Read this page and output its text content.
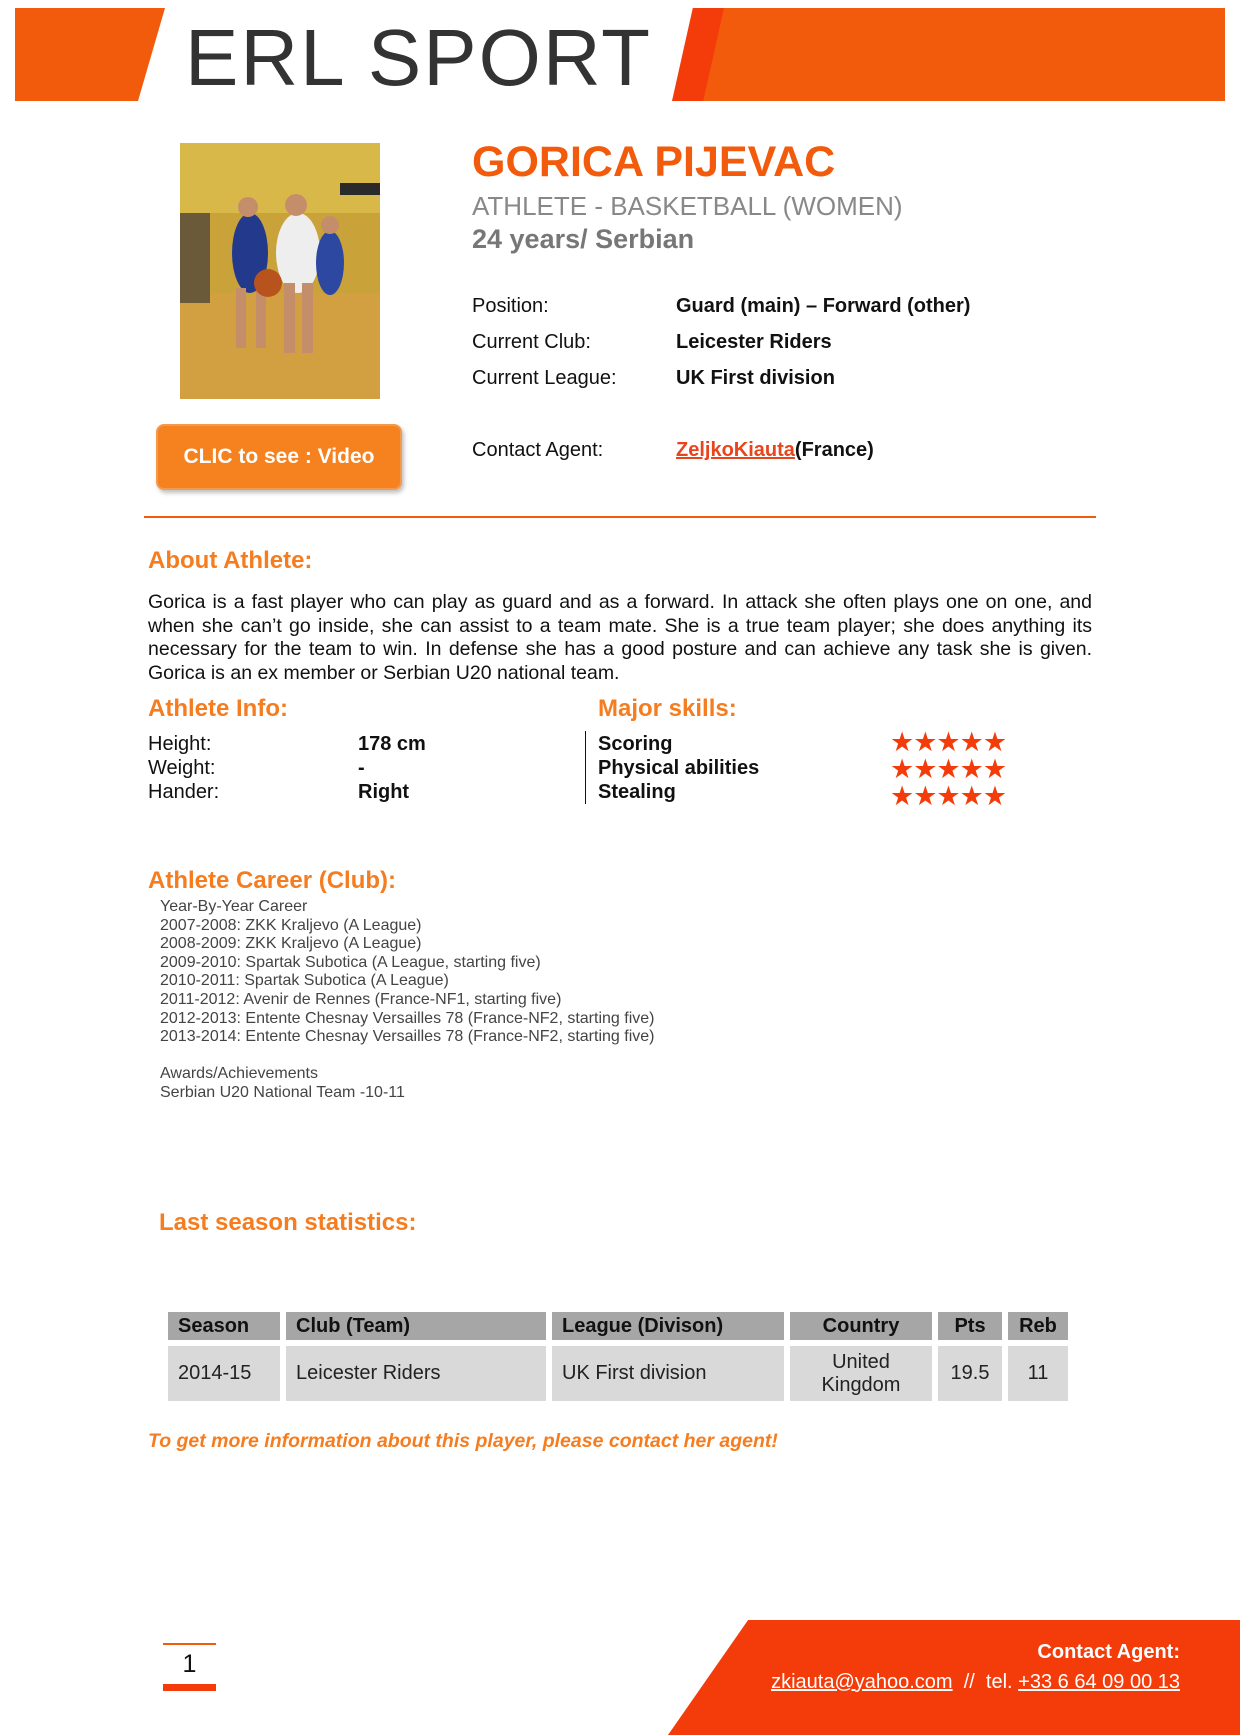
ERL SPORT
CLIC to see : Video
GORICA PIJEVAC
ATHLETE - BASKETBALL (WOMEN)
24 years/ Serbian
Position:	Guard (main) – Forward (other)
Current Club:	Leicester Riders
Current League:	UK First division
Contact Agent:	ZeljkoKiauta(France)
About Athlete:
Gorica is a fast player who can play as guard and as a forward. In attack she often plays one on one, and when she can’t go inside, she can assist to a team mate. She is a true team player; she does anything its necessary for the team to win. In defense she has a good posture and can achieve any task she is given. Gorica is an ex member or Serbian U20 national team.
Athlete Info:
Height:	178 cm
Weight:	-
Hander:	Right
Major skills:
Scoring	★★★★★
Physical abilities	★★★★★
Stealing	★★★★★
Athlete Career (Club):
Year-By-Year Career
2007-2008: ZKK Kraljevo (A League)
2008-2009: ZKK Kraljevo (A League)
2009-2010: Spartak Subotica (A League, starting five)
2010-2011: Spartak Subotica (A League)
2011-2012: Avenir de Rennes (France-NF1, starting five)
2012-2013: Entente Chesnay Versailles 78 (France-NF2, starting five)
2013-2014: Entente Chesnay Versailles 78 (France-NF2, starting five)
Awards/Achievements
Serbian U20 National Team -10-11
Last season statistics:
Season	Club (Team)	League (Divison)	Country	Pts	Reb
2014-15	Leicester Riders	UK First division	United Kingdom	19.5	11
To get more information about this player, please contact her agent!
1	Contact Agent:
zkiauta@yahoo.com  //  tel. +33 6 64 09 00 13
